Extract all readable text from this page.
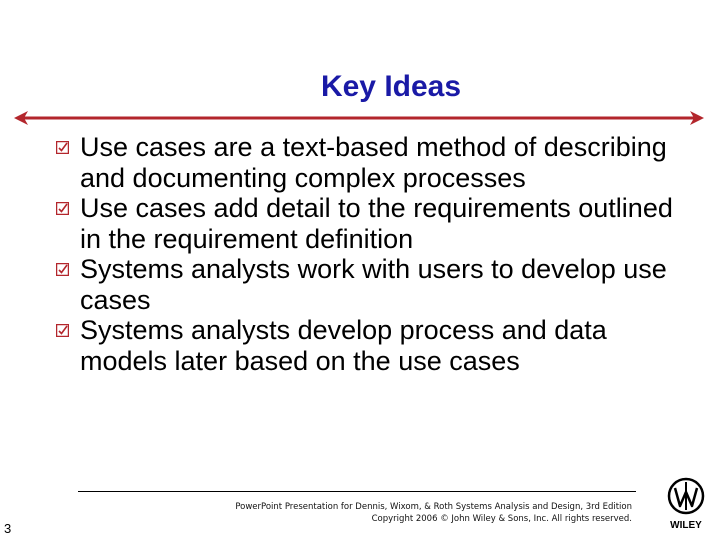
Key Ideas
Use cases are a text-based method of describing and documenting complex processes
Use cases add detail to the requirements outlined in the requirement definition
Systems analysts work with users to develop use cases
Systems analysts develop process and data models later based on the use cases
3
PowerPoint Presentation for Dennis, Wixom, & Roth Systems Analysis and Design, 3rd Edition
Copyright 2006 © John Wiley & Sons, Inc. All rights reserved.
WILEY
